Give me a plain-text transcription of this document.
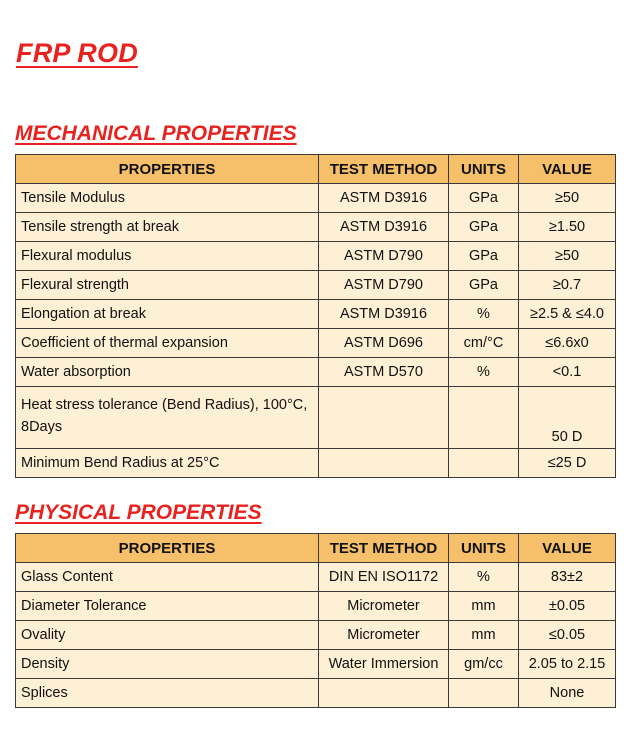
FRP ROD
MECHANICAL PROPERTIES
PROPERTIES	TEST METHOD	UNITS	VALUE
Tensile Modulus	ASTM D3916	GPa	≥50
Tensile strength at break	ASTM D3916	GPa	≥1.50
Flexural modulus	ASTM D790	GPa	≥50
Flexural strength	ASTM D790	GPa	≥0.7
Elongation at break	ASTM D3916	%	≥2.5 & ≤4.0
Coefficient of thermal expansion	ASTM D696	cm/°C	≤6.6x0
Water absorption	ASTM D570	%	<0.1
Heat stress tolerance (Bend Radius), 100°C, 8Days			50 D
Minimum Bend Radius at 25°C			≤25 D
PHYSICAL PROPERTIES
PROPERTIES	TEST METHOD	UNITS	VALUE
Glass Content	DIN EN ISO1172	%	83±2
Diameter Tolerance	Micrometer	mm	±0.05
Ovality	Micrometer	mm	≤0.05
Density	Water Immersion	gm/cc	2.05 to 2.15
Splices			None
